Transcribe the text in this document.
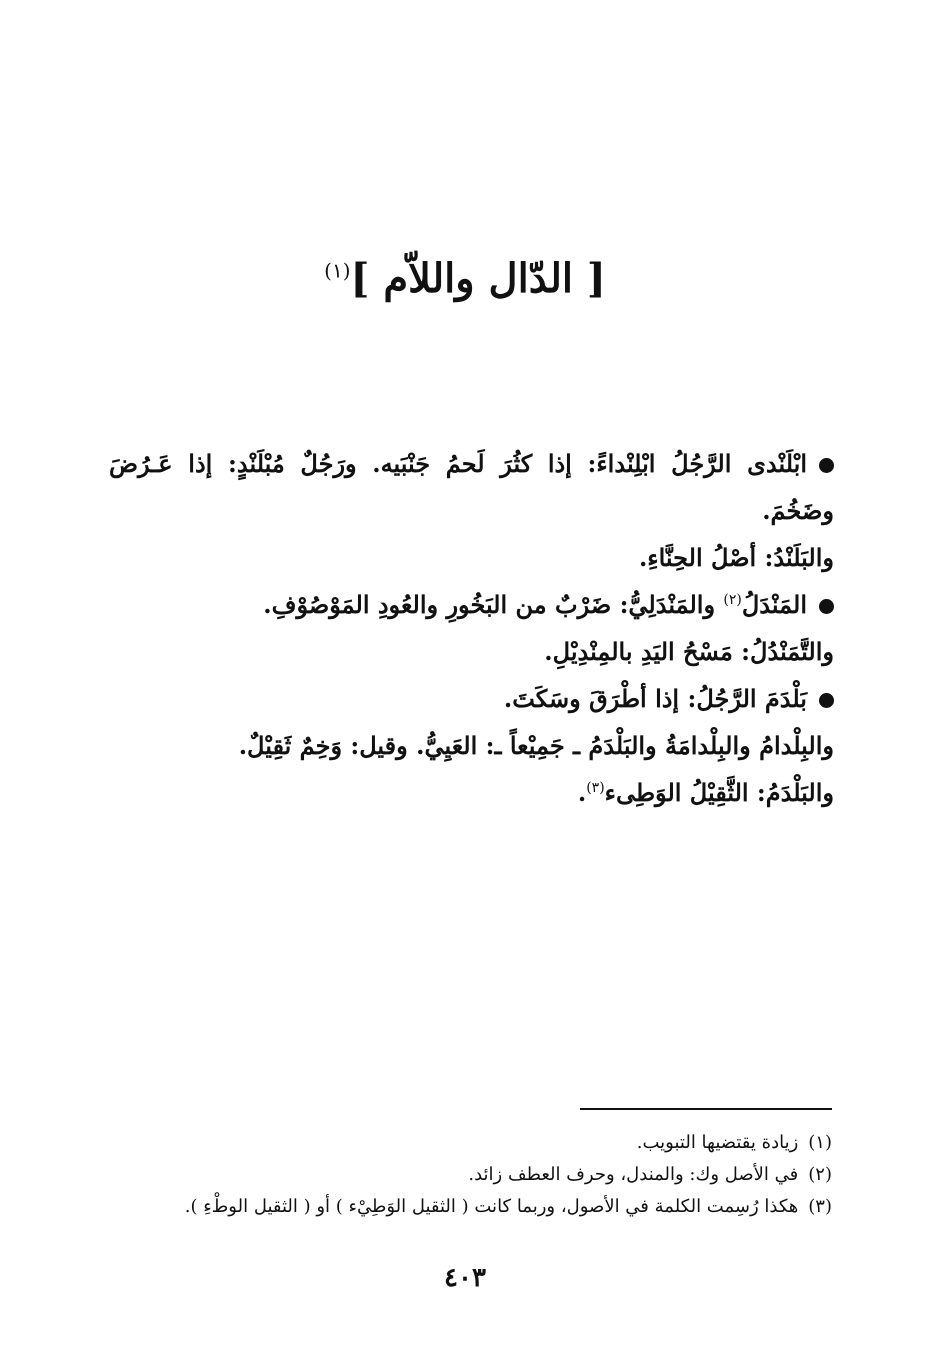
[ الدّال واللاّم ]$^{(١)}$

ابْلَنْدى الرَّجُلُ ابْلِنْداءً: إذا كثُرَ لَحمُ جَنْبَيه. ورَجُلٌ مُبْلَنْدٍ: إذا عَـرُضَ وضَخُمَ.

والبَلَنْدُ: أصْلُ الحِنَّاءِ.

المَنْدَلُ$^{(٢)}$ والمَنْدَلِيُّ: ضَرْبٌ من البَخُورِ والعُودِ المَوْصُوْفِ.

والتَّمَنْدُلُ: مَسْحُ اليَدِ بالمِنْدِيْلِ.

بَلْدَمَ الرَّجُلُ: إذا أطْرَقَ وسَكَتَ.

والبِلْدامُ والبِلْدامَةُ والبَلْدَمُ ـ جَمِيْعاً ـ: العَيِيُّ. وقيل: وَخِمٌ ثَقِيْلٌ.

والبَلْدَمُ: الثَّقِيْلُ الوَطِىء$^{(٣)}$.

(١)زيادة يقتضيها التبويب.

(٢)في الأصل وك: والمندل، وحرف العطف زائد.

(٣)هكذا رُسِمت الكلمة في الأصول، وربما كانت ( الثقيل الوَطِيْء ) أو ( الثقيل الوطْءِ ).

٤٠٣
